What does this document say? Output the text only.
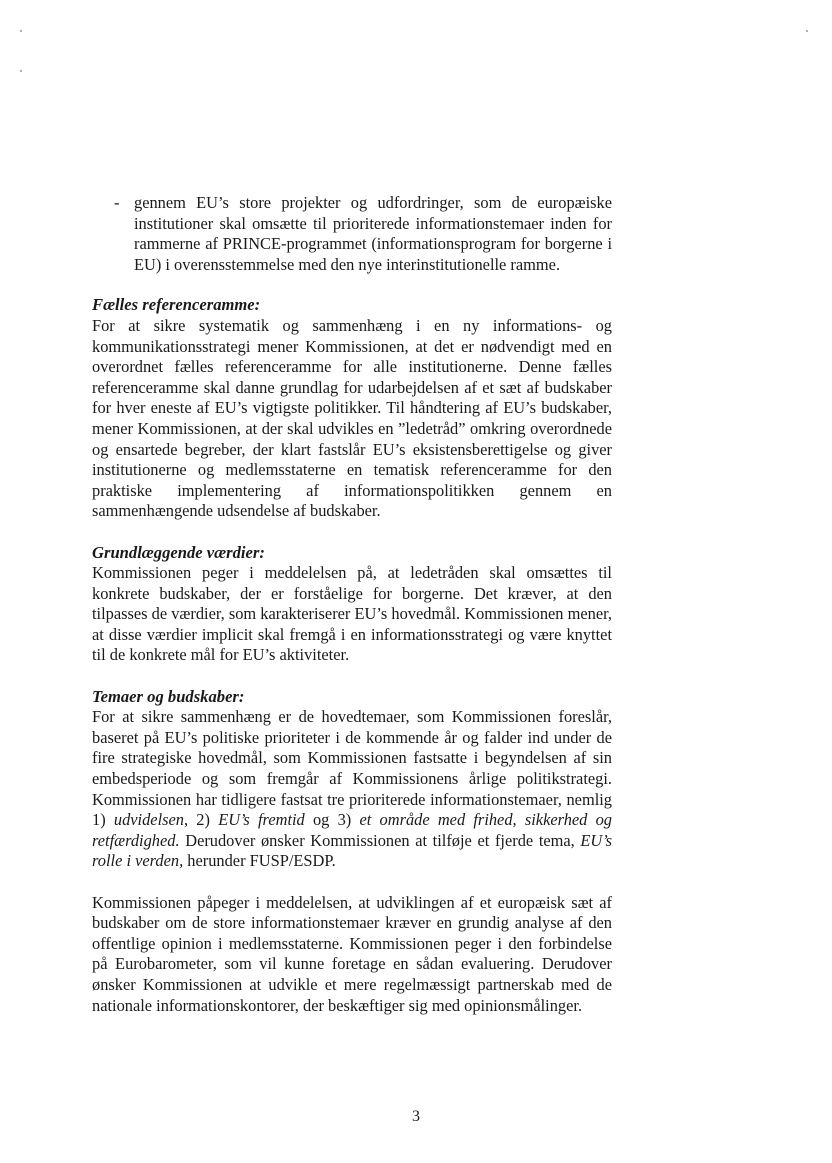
- gennem EU’s store projekter og udfordringer, som de europæiske institutioner skal omsætte til prioriterede informationstemaer inden for rammerne af PRINCE-programmet (informationsprogram for borgerne i EU) i overensstemmelse med den nye interinstitutionelle ramme.

Fælles referenceramme:

For at sikre systematik og sammenhæng i en ny informations- og kommunikationsstrategi mener Kommissionen, at det er nødvendigt med en overordnet fælles referenceramme for alle institutionerne. Denne fælles referenceramme skal danne grundlag for udarbejdelsen af et sæt af budskaber for hver eneste af EU’s vigtigste politikker. Til håndtering af EU’s budskaber, mener Kommissionen, at der skal udvikles en ”ledetråd” omkring overordnede og ensartede begreber, der klart fastslår EU’s eksistensberettigelse og giver institutionerne og medlemsstaterne en tematisk referenceramme for den praktiske implementering af informationspolitikken gennem en sammenhængende udsendelse af budskaber.

Grundlæggende værdier:

Kommissionen peger i meddelelsen på, at ledetråden skal omsættes til konkrete budskaber, der er forståelige for borgerne. Det kræver, at den tilpasses de værdier, som karakteriserer EU’s hovedmål. Kommissionen mener, at disse værdier implicit skal fremgå i en informationsstrategi og være knyttet til de konkrete mål for EU’s aktiviteter.

Temaer og budskaber:

For at sikre sammenhæng er de hovedtemaer, som Kommissionen foreslår, baseret på EU’s politiske prioriteter i de kommende år og falder ind under de fire strategiske hovedmål, som Kommissionen fastsatte i begyndelsen af sin embedsperiode og som fremgår af Kommissionens årlige politikstrategi. Kommissionen har tidligere fastsat tre prioriterede informationstemaer, nemlig 1) udvidelsen, 2) EU’s fremtid og 3) et område med frihed, sikkerhed og retfærdighed. Derudover ønsker Kommissionen at tilføje et fjerde tema, EU’s rolle i verden, herunder FUSP/ESDP.

Kommissionen påpeger i meddelelsen, at udviklingen af et europæisk sæt af budskaber om de store informationstemaer kræver en grundig analyse af den offentlige opinion i medlemsstaterne. Kommissionen peger i den forbindelse på Eurobarometer, som vil kunne foretage en sådan evaluering. Derudover ønsker Kommissionen at udvikle et mere regelmæssigt partnerskab med de nationale informationskontorer, der beskæftiger sig med opinionsmålinger.

3
